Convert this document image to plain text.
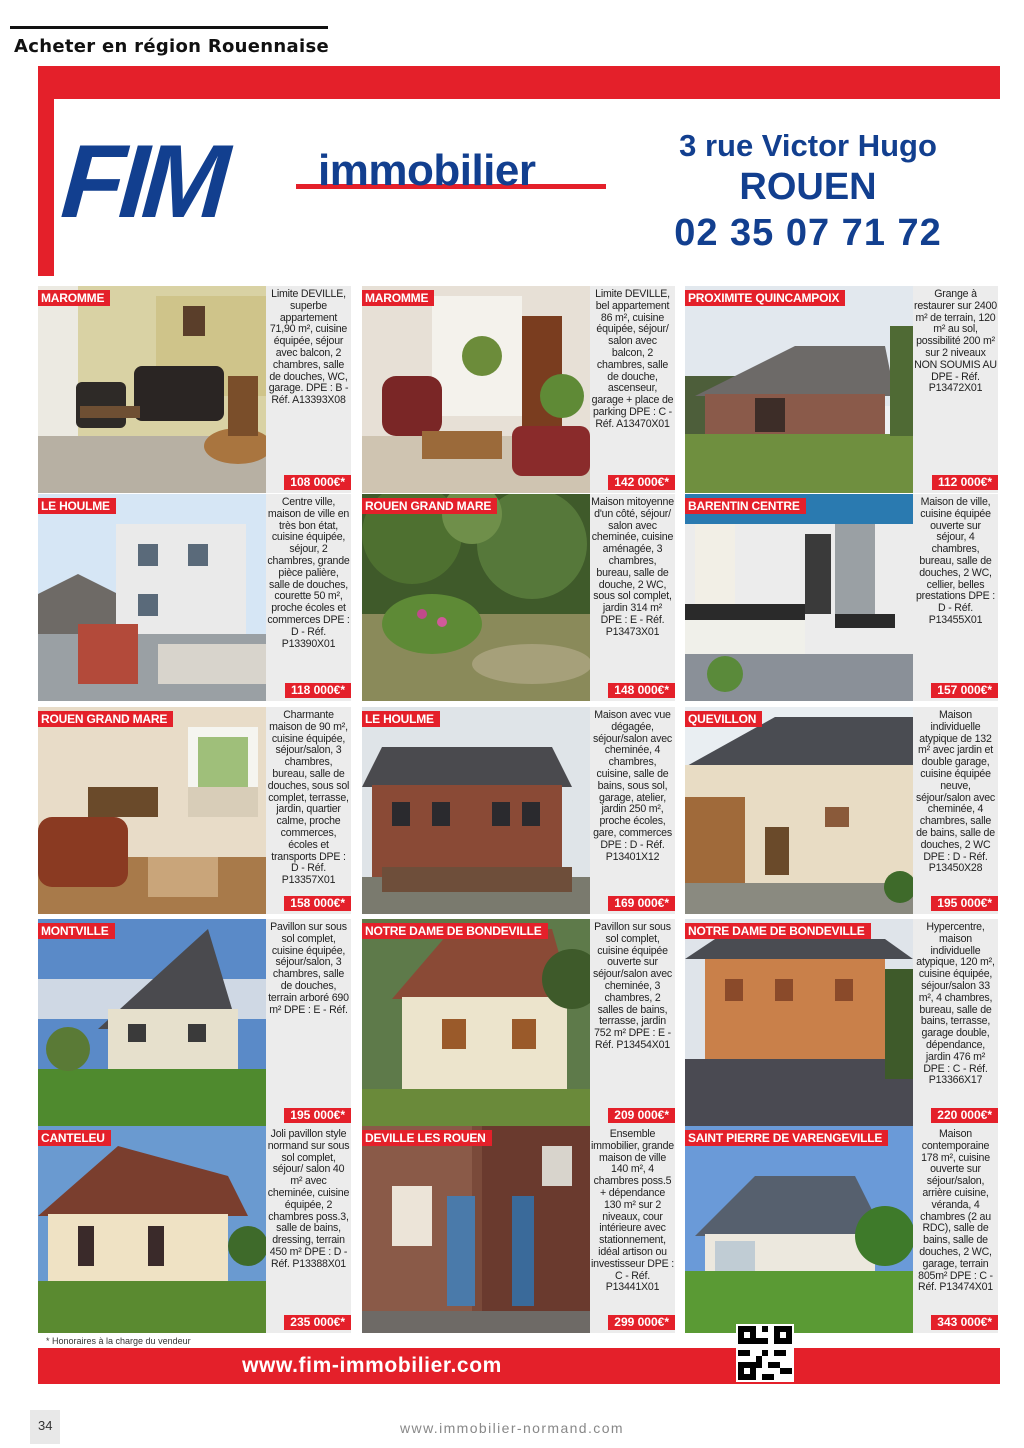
Acheter en région Rouennaise
FIM immobilier
3 rue Victor Hugo
ROUEN
02 35 07 71 72
Limite DEVILLE, superbe appartement 71,90 m², cuisine équipée, séjour avec balcon, 2 chambres, salle de douches, WC, garage. DPE : B - Réf. A13393X08
MAROMME
108 000€*
Limite DEVILLE, bel appartement 86 m², cuisine équipée, séjour/ salon avec balcon, 2 chambres, salle de douche, ascenseur, garage + place de parking DPE : C - Réf. A13470X01
MAROMME
142 000€*
Grange à restaurer sur 2400 m² de terrain, 120 m² au sol, possibilité 200 m² sur 2 niveaux NON SOUMIS AU DPE - Réf. P13472X01
PROXIMITE QUINCAMPOIX
112 000€*
Centre ville, maison de ville en très bon état, cuisine équipée, séjour, 2 chambres, grande pièce palière, salle de douches, courette 50 m², proche écoles et commerces DPE : D - Réf. P13390X01
LE HOULME
118 000€*
Maison mitoyenne d'un côté, séjour/ salon avec cheminée, cuisine aménagée, 3 chambres, bureau, salle de douche, 2 WC, sous sol complet, jardin 314 m² DPE : E - Réf. P13473X01
ROUEN GRAND MARE
148 000€*
Maison de ville, cuisine équipée ouverte sur séjour, 4 chambres, bureau, salle de douches, 2 WC, cellier, belles prestations DPE : D - Réf. P13455X01
BARENTIN CENTRE
157 000€*
Charmante maison de 90 m², cuisine équipée, séjour/salon, 3 chambres, bureau, salle de douches, sous sol complet, terrasse, jardin, quartier calme, proche commerces, écoles et transports DPE : D - Réf. P13357X01
ROUEN GRAND MARE
158 000€*
Maison avec vue dégagée, séjour/salon avec cheminée, 4 chambres, cuisine, salle de bains, sous sol, garage, atelier, jardin 250 m², proche écoles, gare, commerces DPE : D - Réf. P13401X12
LE HOULME
169 000€*
Maison individuelle atypique de 132 m² avec jardin et double garage, cuisine équipée neuve, séjour/salon avec cheminée, 4 chambres, salle de bains, salle de douches, 2 WC DPE : D - Réf. P13450X28
QUEVILLON
195 000€*
Pavillon sur sous sol complet, cuisine équipée, séjour/salon, 3 chambres, salle de douches, terrain arboré 690 m² DPE : E - Réf.
MONTVILLE
195 000€*
Pavillon sur sous sol complet, cuisine équipée ouverte sur séjour/salon avec cheminée, 3 chambres, 2 salles de bains, terrasse, jardin 752 m² DPE : E - Réf. P13454X01
NOTRE DAME DE BONDEVILLE
209 000€*
Hypercentre, maison individuelle atypique, 120 m², cuisine équipée, séjour/salon 33 m², 4 chambres, bureau, salle de bains, terrasse, garage double, dépendance, jardin 476 m² DPE : C - Réf. P13366X17
NOTRE DAME DE BONDEVILLE
220 000€*
Joli pavillon style normand sur sous sol complet, séjour/ salon 40 m² avec cheminée, cuisine équipée, 2 chambres poss.3, salle de bains, dressing, terrain 450 m² DPE : D - Réf. P13388X01
CANTELEU
235 000€*
Ensemble immobilier, grande maison de ville 140 m², 4 chambres poss.5 + dépendance 130 m² sur 2 niveaux, cour intérieure avec stationnement, idéal artison ou investisseur DPE : C - Réf. P13441X01
DEVILLE LES ROUEN
299 000€*
Maison contemporaine 178 m², cuisine ouverte sur séjour/salon, arrière cuisine, véranda, 4 chambres (2 au RDC), salle de bains, salle de douches, 2 WC, garage, terrain 805m² DPE : C - Réf. P13474X01
SAINT PIERRE DE VARENGEVILLE
343 000€*
* Honoraires à la charge du vendeur
www.fim-immobilier.com
34	www.immobilier-normand.com
